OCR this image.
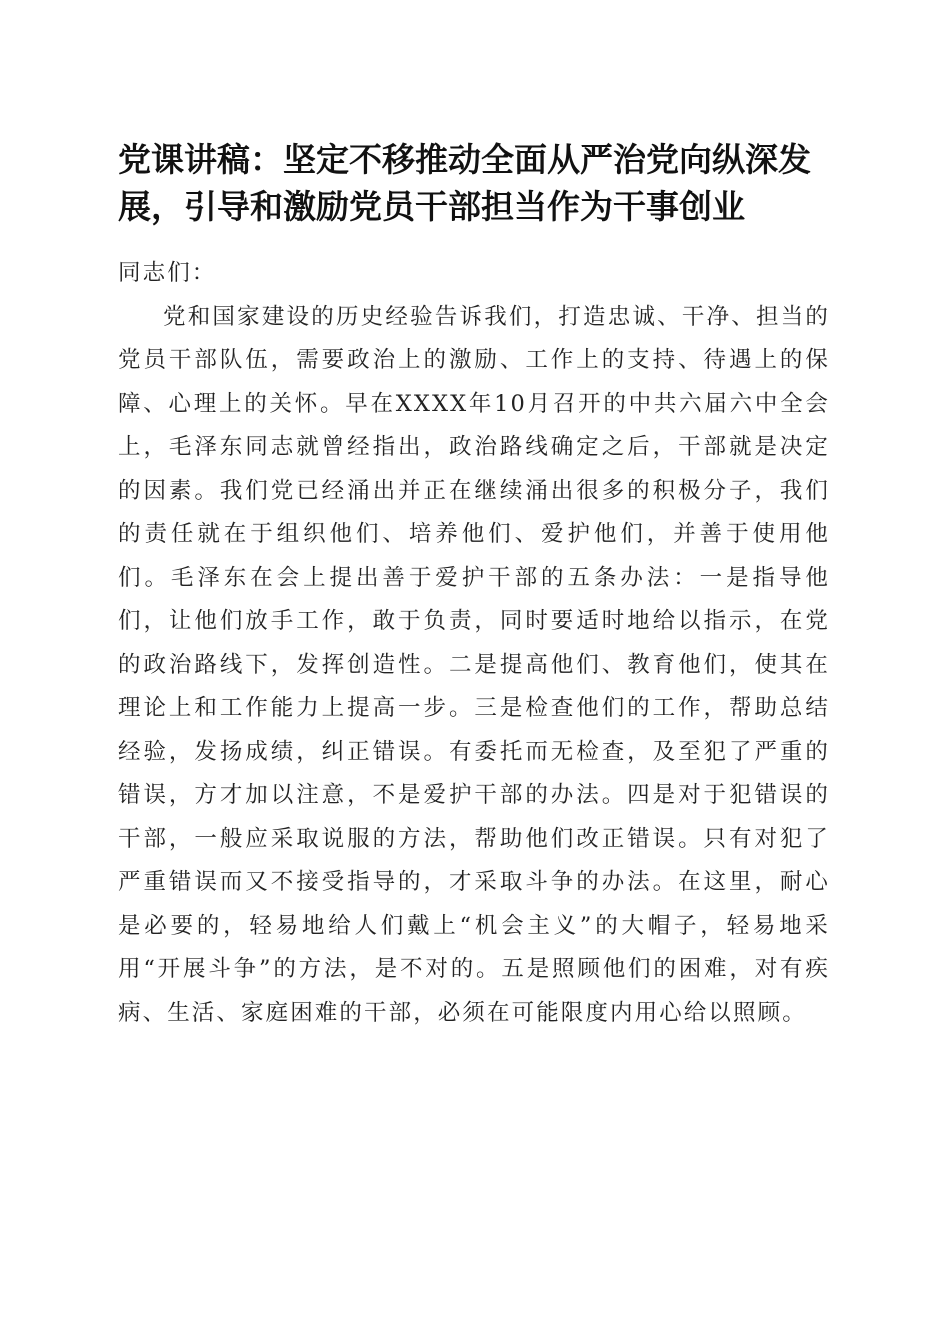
党课讲稿：坚定不移推动全面从严治党向纵深发展，引导和激励党员干部担当作为干事创业

同志们：

党和国家建设的历史经验告诉我们，打造忠诚、干净、担当的党员干部队伍，需要政治上的激励、工作上的支持、待遇上的保障、心理上的关怀。早在XXXX年10月召开的中共六届六中全会上，毛泽东同志就曾经指出，政治路线确定之后，干部就是决定的因素。我们党已经涌出并正在继续涌出很多的积极分子，我们的责任就在于组织他们、培养他们、爱护他们，并善于使用他们。毛泽东在会上提出善于爱护干部的五条办法：一是指导他们，让他们放手工作，敢于负责，同时要适时地给以指示，在党的政治路线下，发挥创造性。二是提高他们、教育他们，使其在理论上和工作能力上提高一步。三是检查他们的工作，帮助总结经验，发扬成绩，纠正错误。有委托而无检查，及至犯了严重的错误，方才加以注意，不是爱护干部的办法。四是对于犯错误的干部，一般应采取说服的方法，帮助他们改正错误。只有对犯了严重错误而又不接受指导的，才采取斗争的办法。在这里，耐心是必要的，轻易地给人们戴上“机会主义”的大帽子，轻易地采用“开展斗争”的方法，是不对的。五是照顾他们的困难，对有疾病、生活、家庭困难的干部，必须在可能限度内用心给以照顾。
